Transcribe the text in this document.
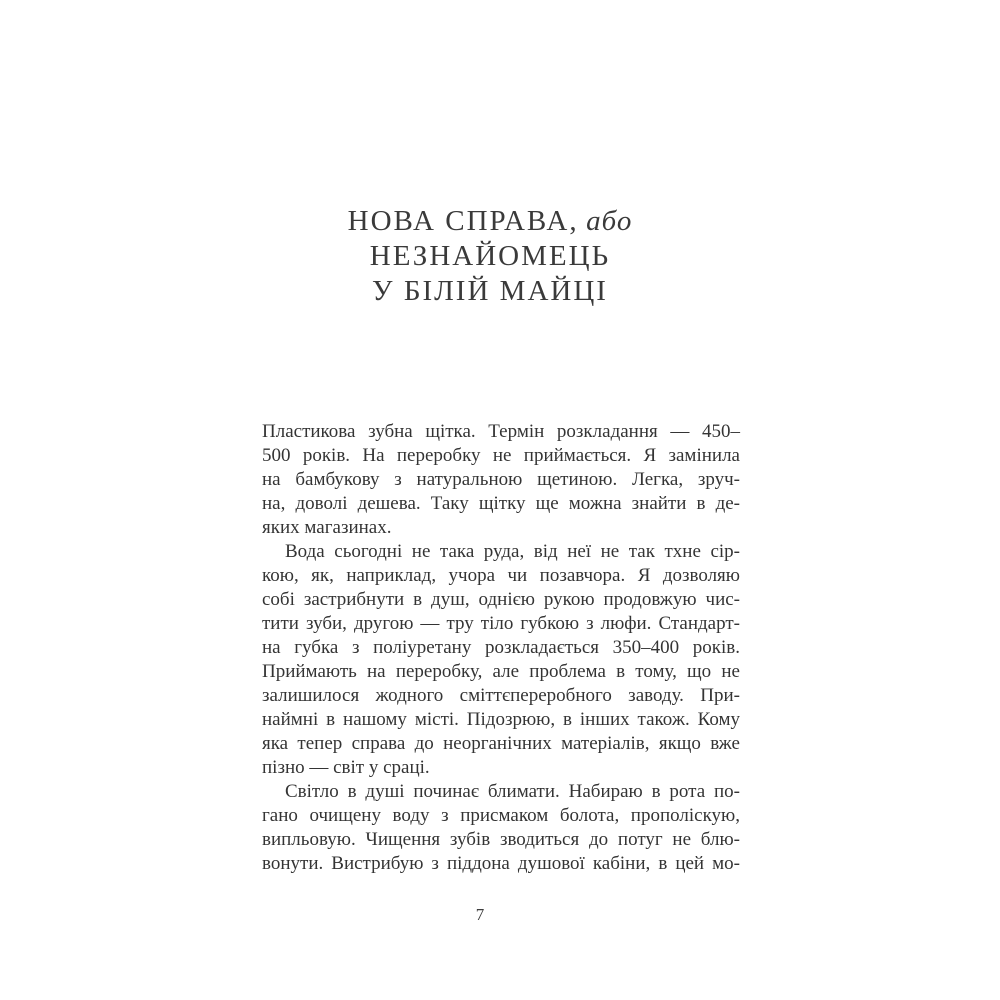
НОВА СПРАВА, або
НЕЗНАЙОМЕЦЬ
У БІЛІЙ МАЙЦІ
Пластикова зубна щітка. Термін розкладання — 450–
500 років. На переробку не приймається. Я замінила
на бамбукову з натуральною щетиною. Легка, зруч-
на, доволі дешева. Таку щітку ще можна знайти в де-
яких магазинах.
Вода сьогодні не така руда, від неї не так тхне сір-
кою, як, наприклад, учора чи позавчора. Я дозволяю
собі застрибнути в душ, однією рукою продовжую чис-
тити зуби, другою — тру тіло губкою з люфи. Стандарт-
на губка з поліуретану розкладається 350–400 років.
Приймають на переробку, але проблема в тому, що не
залишилося жодного сміттєпереробного заводу. При-
наймні в нашому місті. Підозрюю, в інших також. Кому
яка тепер справа до неорганічних матеріалів, якщо вже
пізно — світ у сраці.
Світло в душі починає блимати. Набираю в рота по-
гано очищену воду з присмаком болота, прополіскую,
випльовую. Чищення зубів зводиться до потуг не блю-
вонути. Вистрибую з піддона душової кабіни, в цей мо-
7
